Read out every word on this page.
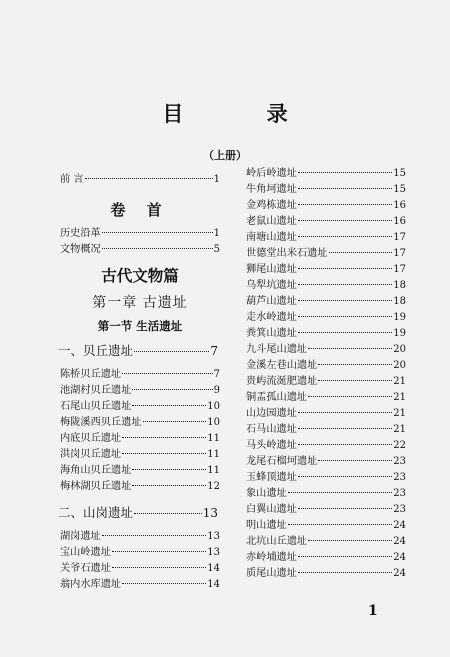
目 录
（上册）
前 言	1
卷 首
历史沿革	1
文物概况	5
古代文物篇
第一章 古遗址
第一节 生活遗址
一、贝丘遗址	7
陈桥贝丘遗址	7
池湖村贝丘遗址	9
石尾山贝丘遗址	10
梅陇溪西贝丘遗址	10
内底贝丘遗址	11
洪岗贝丘遗址	11
海角山贝丘遗址	11
梅林湖贝丘遗址	12
二、山岗遗址	13
湖岗遗址	13
宝山岭遗址	13
关爷石遗址	14
翁内水库遗址	14
岭后岭遗址	15
牛角坷遗址	15
金鸡栋遗址	16
老鼠山遗址	16
南塘山遗址	17
世德堂出米石遗址	17
狮尾山遗址	17
乌犁坑遗址	18
葫芦山遗址	18
走水岭遗址	19
粪箕山遗址	19
九斗尾山遗址	20
金溪左巷山遗址	20
贵屿流涎肥遗址	21
铜盂孤山遗址	21
山边园遗址	21
石马山遗址	21
马头岭遗址	22
龙尾石榴坷遗址	23
玉蜂顶遗址	23
象山遗址	23
白翼山遗址	23
明山遗址	24
北坑山丘遗址	24
赤岭埔遗址	24
质尾山遗址	24
1
